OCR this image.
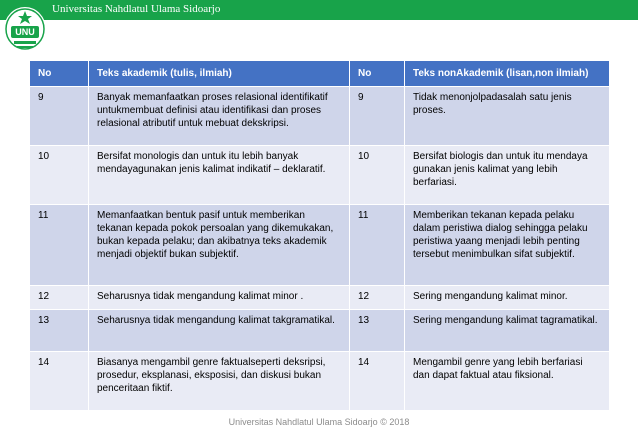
Universitas Nahdlatul Ulama Sidoarjo
UNU
No	Teks akademik (tulis, ilmiah)	No	Teks nonAkademik (lisan,non ilmiah)
9	Banyak memanfaatkan proses relasional identifikatif untukmembuat definisi atau identifikasi dan proses relasional atributif untuk mebuat dekskripsi.	9	Tidak menonjolpadasalah satu jenis proses.
10	Bersifat monologis dan untuk itu lebih banyak mendayagunakan jenis kalimat indikatif – deklaratif.	10	Bersifat biologis dan untuk itu mendaya gunakan jenis kalimat yang lebih berfariasi.
11	Memanfaatkan bentuk pasif untuk memberikan tekanan kepada pokok persoalan yang dikemukakan, bukan kepada pelaku; dan akibatnya teks akademik menjadi objektif bukan subjektif.	11	Memberikan tekanan kepada pelaku dalam peristiwa dialog sehingga pelaku peristiwa yaang menjadi lebih penting tersebut menimbulkan sifat subjektif.
12	Seharusnya tidak mengandung kalimat minor .	12	Sering mengandung kalimat minor.
13	Seharusnya tidak mengandung kalimat takgramatikal.	13	Sering mengandung kalimat tagramatikal.
14	Biasanya mengambil genre faktualseperti deksripsi, prosedur, eksplanasi, eksposisi, dan diskusi bukan penceritaan fiktif.	14	Mengambil genre yang lebih berfariasi dan dapat faktual atau fiksional.
Universitas Nahdlatul Ulama Sidoarjo © 2018
